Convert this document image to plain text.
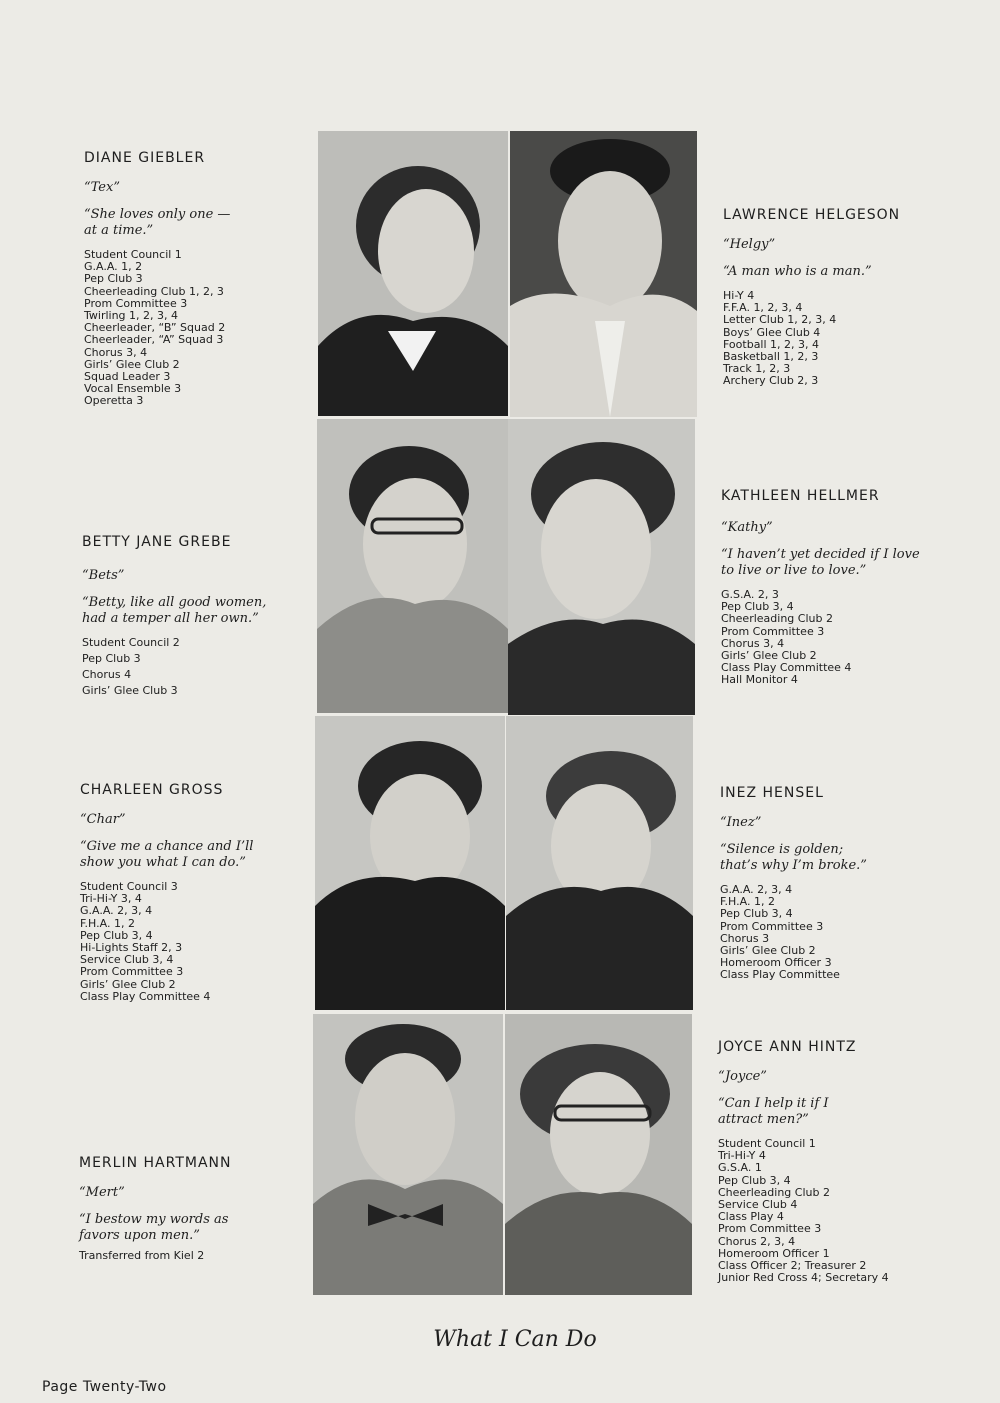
DIANE GIEBLER
“Tex”
“She loves only one —
at a time.”
Student Council 1
G.A.A. 1, 2
Pep Club 3
Cheerleading Club 1, 2, 3
Prom Committee 3
Twirling 1, 2, 3, 4
Cheerleader, “B” Squad 2
Cheerleader, “A” Squad 3
Chorus 3, 4
Girls’ Glee Club 2
Squad Leader 3
Vocal Ensemble 3
Operetta 3
LAWRENCE HELGESON
“Helgy”
“A man who is a man.”
Hi-Y 4
F.F.A. 1, 2, 3, 4
Letter Club 1, 2, 3, 4
Boys’ Glee Club 4
Football 1, 2, 3, 4
Basketball 1, 2, 3
Track 1, 2, 3
Archery Club 2, 3
BETTY JANE GREBE
“Bets”
“Betty, like all good women,
had a temper all her own.”
Student Council 2
Pep Club 3
Chorus 4
Girls’ Glee Club 3
KATHLEEN HELLMER
“Kathy”
“I haven’t yet decided if I love
to live or live to love.”
G.S.A. 2, 3
Pep Club 3, 4
Cheerleading Club 2
Prom Committee 3
Chorus 3, 4
Girls’ Glee Club 2
Class Play Committee 4
Hall Monitor 4
CHARLEEN GROSS
“Char”
“Give me a chance and I’ll
show you what I can do.”
Student Council 3
Tri-Hi-Y 3, 4
G.A.A. 2, 3, 4
F.H.A. 1, 2
Pep Club 3, 4
Hi-Lights Staff 2, 3
Service Club 3, 4
Prom Committee 3
Girls’ Glee Club 2
Class Play Committee 4
INEZ HENSEL
“Inez”
“Silence is golden;
that’s why I’m broke.”
G.A.A. 2, 3, 4
F.H.A. 1, 2
Pep Club 3, 4
Prom Committee 3
Chorus 3
Girls’ Glee Club 2
Homeroom Officer 3
Class Play Committee
MERLIN HARTMANN
“Mert”
“I bestow my words as
favors upon men.”
Transferred from Kiel 2
JOYCE ANN HINTZ
“Joyce”
“Can I help it if I
attract men?”
Student Council 1
Tri-Hi-Y 4
G.S.A. 1
Pep Club 3, 4
Cheerleading Club 2
Service Club 4
Class Play 4
Prom Committee 3
Chorus 2, 3, 4
Homeroom Officer 1
Class Officer 2; Treasurer 2
Junior Red Cross 4; Secretary 4
What I Can Do
Page Twenty-Two
